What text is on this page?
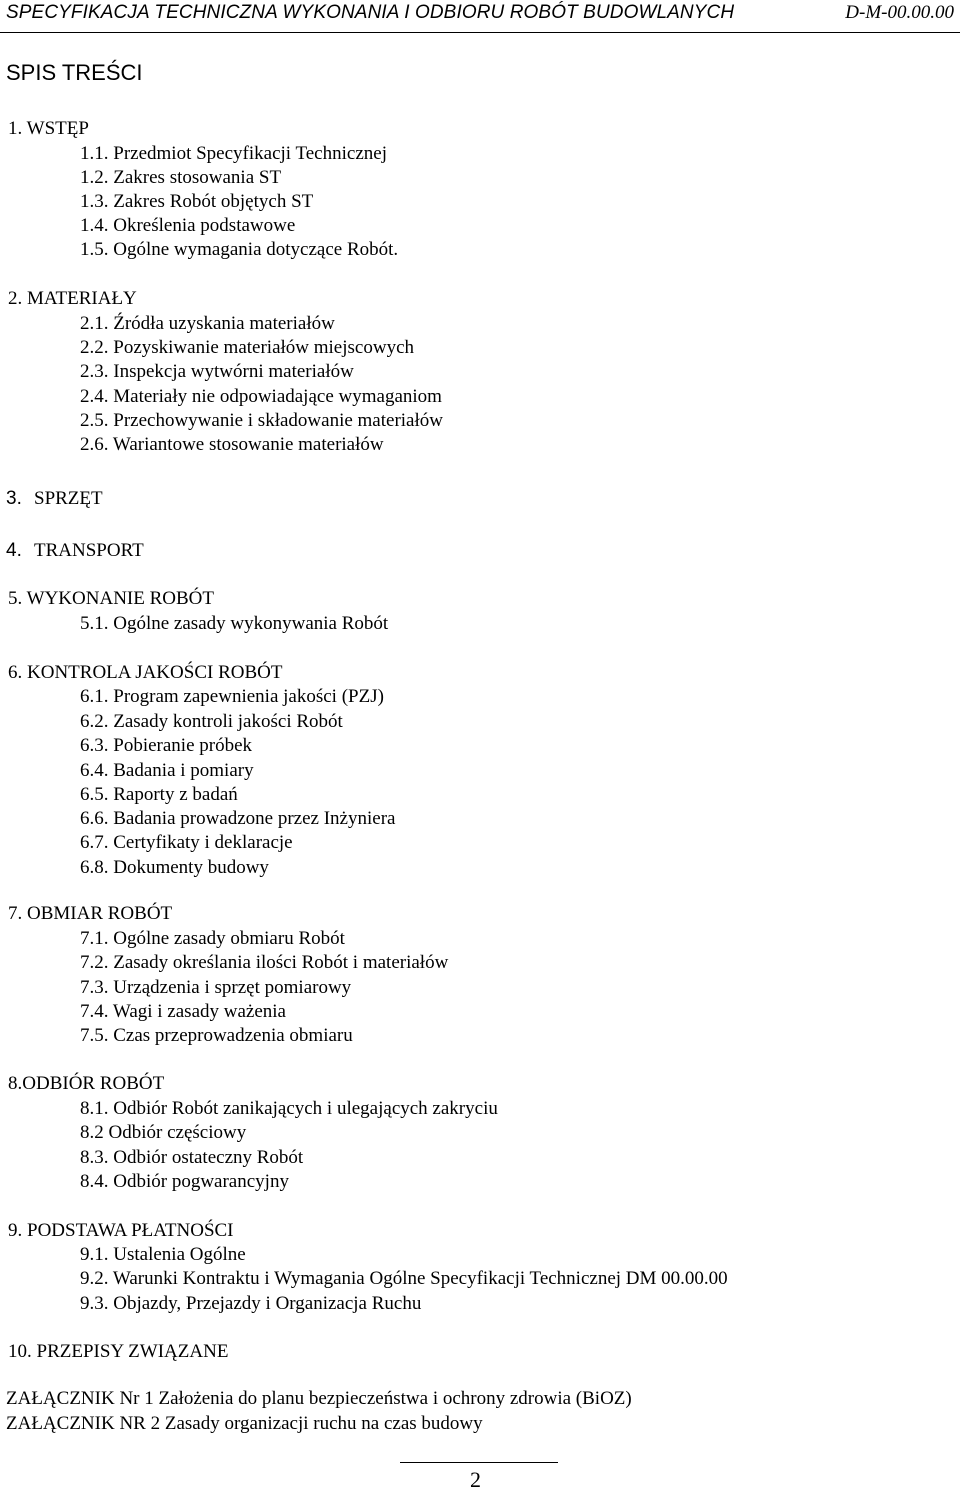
SPECYFIKACJA TECHNICZNA WYKONANIA I ODBIORU ROBÓT BUDOWLANYCH	D-M-00.00.00
SPIS TREŚCI
1. WSTĘP
1.1. Przedmiot Specyfikacji Technicznej
1.2. Zakres stosowania ST
1.3. Zakres Robót objętych ST
1.4. Określenia podstawowe
1.5. Ogólne wymagania dotyczące Robót.
2. MATERIAŁY
2.1. Źródła uzyskania materiałów
2.2. Pozyskiwanie materiałów miejscowych
2.3. Inspekcja wytwórni materiałów
2.4. Materiały nie odpowiadające wymaganiom
2.5. Przechowywanie i składowanie materiałów
2.6. Wariantowe stosowanie materiałów
3. SPRZĘT
4. TRANSPORT
5. WYKONANIE ROBÓT
5.1. Ogólne zasady wykonywania Robót
6. KONTROLA JAKOŚCI ROBÓT
6.1. Program zapewnienia jakości (PZJ)
6.2. Zasady kontroli jakości Robót
6.3. Pobieranie próbek
6.4. Badania i pomiary
6.5. Raporty z badań
6.6. Badania prowadzone przez Inżyniera
6.7. Certyfikaty i deklaracje
6.8. Dokumenty budowy
7. OBMIAR ROBÓT
7.1. Ogólne zasady obmiaru Robót
7.2. Zasady określania ilości Robót i materiałów
7.3. Urządzenia i sprzęt pomiarowy
7.4. Wagi i zasady ważenia
7.5. Czas przeprowadzenia obmiaru
8.ODBIÓR ROBÓT
8.1. Odbiór Robót zanikających i ulegających zakryciu
8.2 Odbiór częściowy
8.3. Odbiór ostateczny Robót
8.4. Odbiór pogwarancyjny
9. PODSTAWA PŁATNOŚCI
9.1. Ustalenia Ogólne
9.2. Warunki Kontraktu i Wymagania Ogólne Specyfikacji Technicznej DM 00.00.00
9.3. Objazdy, Przejazdy i Organizacja Ruchu
10. PRZEPISY ZWIĄZANE
ZAŁĄCZNIK Nr 1 Założenia do planu bezpieczeństwa i ochrony zdrowia (BiOZ)
ZAŁĄCZNIK NR 2 Zasady organizacji ruchu na czas budowy
2
